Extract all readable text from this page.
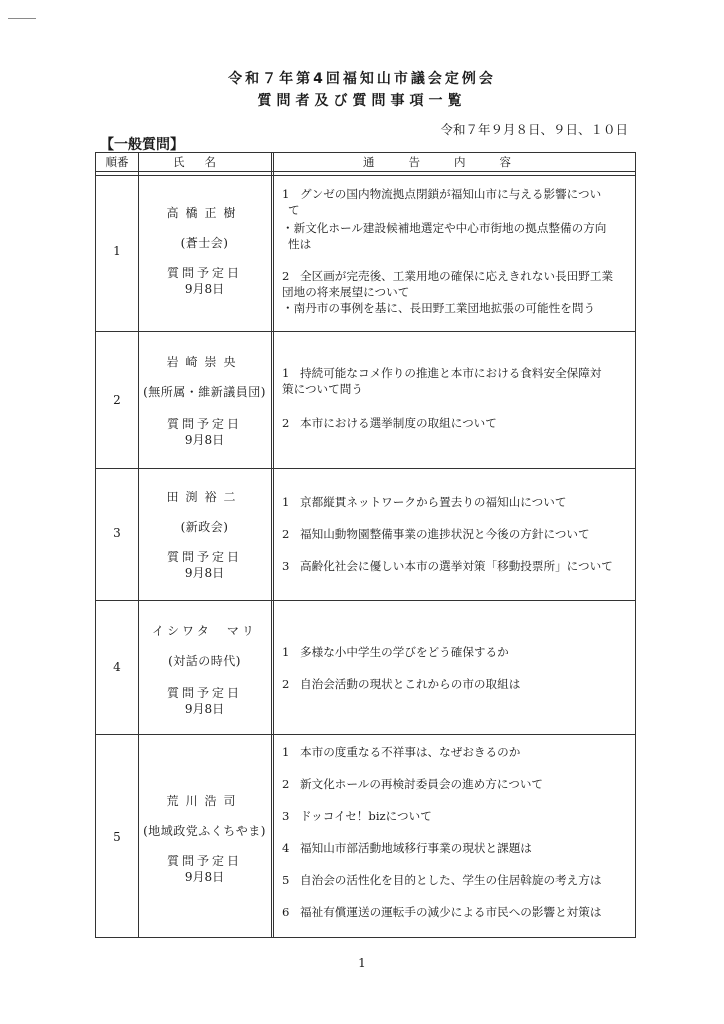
令和７年第4回福知山市議会定例会
質問者及び質問事項一覧
令和７年９月８日、９日、１０日
【一般質問】
順番	氏名	通告内容
1
高橋正樹
(蒼士会)
質問予定日
9月8日
1 グンゼの国内物流拠点閉鎖が福知山市に与える影響につい
て
・新文化ホール建設候補地選定や中心市街地の拠点整備の方向
性は
2 全区画が完売後、工業用地の確保に応えきれない長田野工業
団地の将来展望について
・南丹市の事例を基に、長田野工業団地拡張の可能性を問う
2
岩崎崇央
(無所属・維新議員団)
質問予定日
9月8日
1 持続可能なコメ作りの推進と本市における食料安全保障対
策について問う
2 本市における選挙制度の取組について
3
田渕裕二
(新政会)
質問予定日
9月8日
1 京都縦貫ネットワークから置去りの福知山について
2 福知山動物園整備事業の進捗状況と今後の方針について
3 高齢化社会に優しい本市の選挙対策「移動投票所」について
4
イシワタ　マリ
(対話の時代)
質問予定日
9月8日
1 多様な小中学生の学びをどう確保するか
2 自治会活動の現状とこれからの市の取組は
5
荒川浩司
(地域政党ふくちやま)
質問予定日
9月8日
1 本市の度重なる不祥事は、なぜおきるのか
2 新文化ホールの再検討委員会の進め方について
3 ドッコイセ！bizについて
4 福知山市部活動地域移行事業の現状と課題は
5 自治会の活性化を目的とした、学生の住居斡旋の考え方は
6 福祉有償運送の運転手の減少による市民への影響と対策は
1
